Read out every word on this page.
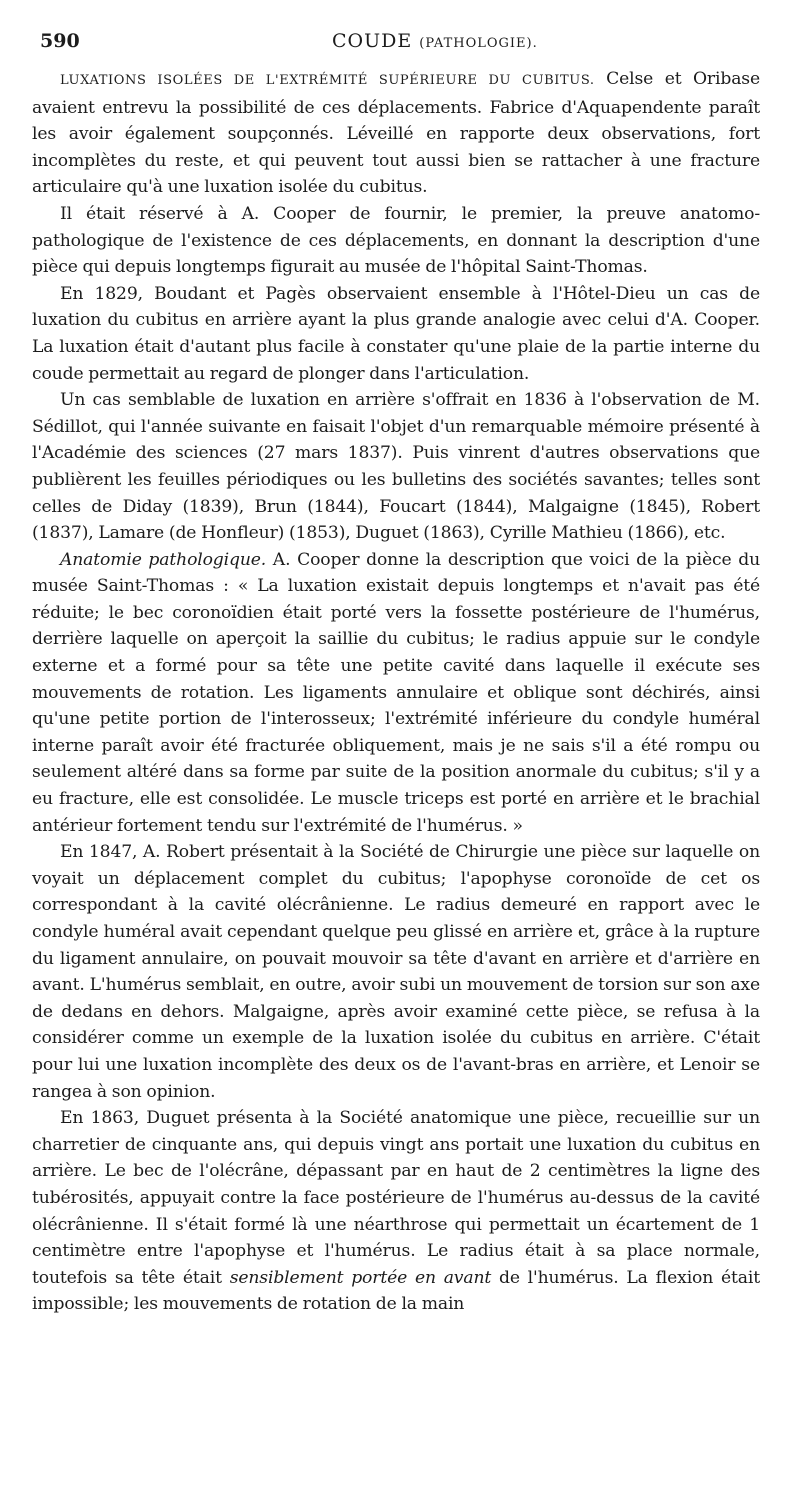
590	COUDE (PATHOLOGIE).

LUXATIONS ISOLÉES DE L'EXTRÉMITÉ SUPÉRIEURE DU CUBITUS. Celse et Oribase avaient entrevu la possibilité de ces déplacements. Fabrice d'Aquapendente paraît les avoir également soupçonnés. Léveillé en rapporte deux observations, fort incomplètes du reste, et qui peuvent tout aussi bien se rattacher à une fracture articulaire qu'à une luxation isolée du cubitus.

Il était réservé à A. Cooper de fournir, le premier, la preuve anatomo-pathologique de l'existence de ces déplacements, en donnant la description d'une pièce qui depuis longtemps figurait au musée de l'hôpital Saint-Thomas.

En 1829, Boudant et Pagès observaient ensemble à l'Hôtel-Dieu un cas de luxation du cubitus en arrière ayant la plus grande analogie avec celui d'A. Cooper. La luxation était d'autant plus facile à constater qu'une plaie de la partie interne du coude permettait au regard de plonger dans l'articulation.

Un cas semblable de luxation en arrière s'offrait en 1836 à l'observation de M. Sédillot, qui l'année suivante en faisait l'objet d'un remarquable mémoire présenté à l'Académie des sciences (27 mars 1837). Puis vinrent d'autres observations que publièrent les feuilles périodiques ou les bulletins des sociétés savantes; telles sont celles de Diday (1839), Brun (1844), Foucart (1844), Malgaigne (1845), Robert (1837), Lamare (de Honfleur) (1853), Duguet (1863), Cyrille Mathieu (1866), etc.

Anatomie pathologique. A. Cooper donne la description que voici de la pièce du musée Saint-Thomas : « La luxation existait depuis longtemps et n'avait pas été réduite; le bec coronoïdien était porté vers la fossette postérieure de l'humérus, derrière laquelle on aperçoit la saillie du cubitus; le radius appuie sur le condyle externe et a formé pour sa tête une petite cavité dans laquelle il exécute ses mouvements de rotation. Les ligaments annulaire et oblique sont déchirés, ainsi qu'une petite portion de l'interosseux; l'extrémité inférieure du condyle huméral interne paraît avoir été fracturée obliquement, mais je ne sais s'il a été rompu ou seulement altéré dans sa forme par suite de la position anormale du cubitus; s'il y a eu fracture, elle est consolidée. Le muscle triceps est porté en arrière et le brachial antérieur fortement tendu sur l'extrémité de l'humérus. »

En 1847, A. Robert présentait à la Société de Chirurgie une pièce sur laquelle on voyait un déplacement complet du cubitus; l'apophyse coronoïde de cet os correspondant à la cavité olécrânienne. Le radius demeuré en rapport avec le condyle huméral avait cependant quelque peu glissé en arrière et, grâce à la rupture du ligament annulaire, on pouvait mouvoir sa tête d'avant en arrière et d'arrière en avant. L'humérus semblait, en outre, avoir subi un mouvement de torsion sur son axe de dedans en dehors. Malgaigne, après avoir examiné cette pièce, se refusa à la considérer comme un exemple de la luxation isolée du cubitus en arrière. C'était pour lui une luxation incomplète des deux os de l'avant-bras en arrière, et Lenoir se rangea à son opinion.

En 1863, Duguet présenta à la Société anatomique une pièce, recueillie sur un charretier de cinquante ans, qui depuis vingt ans portait une luxation du cubitus en arrière. Le bec de l'olécrâne, dépassant par en haut de 2 centimètres la ligne des tubérosités, appuyait contre la face postérieure de l'humérus au-dessus de la cavité olécrânienne. Il s'était formé là une néarthrose qui permettait un écartement de 1 centimètre entre l'apophyse et l'humérus. Le radius était à sa place normale, toutefois sa tête était sensiblement portée en avant de l'humérus. La flexion était impossible; les mouvements de rotation de la main
